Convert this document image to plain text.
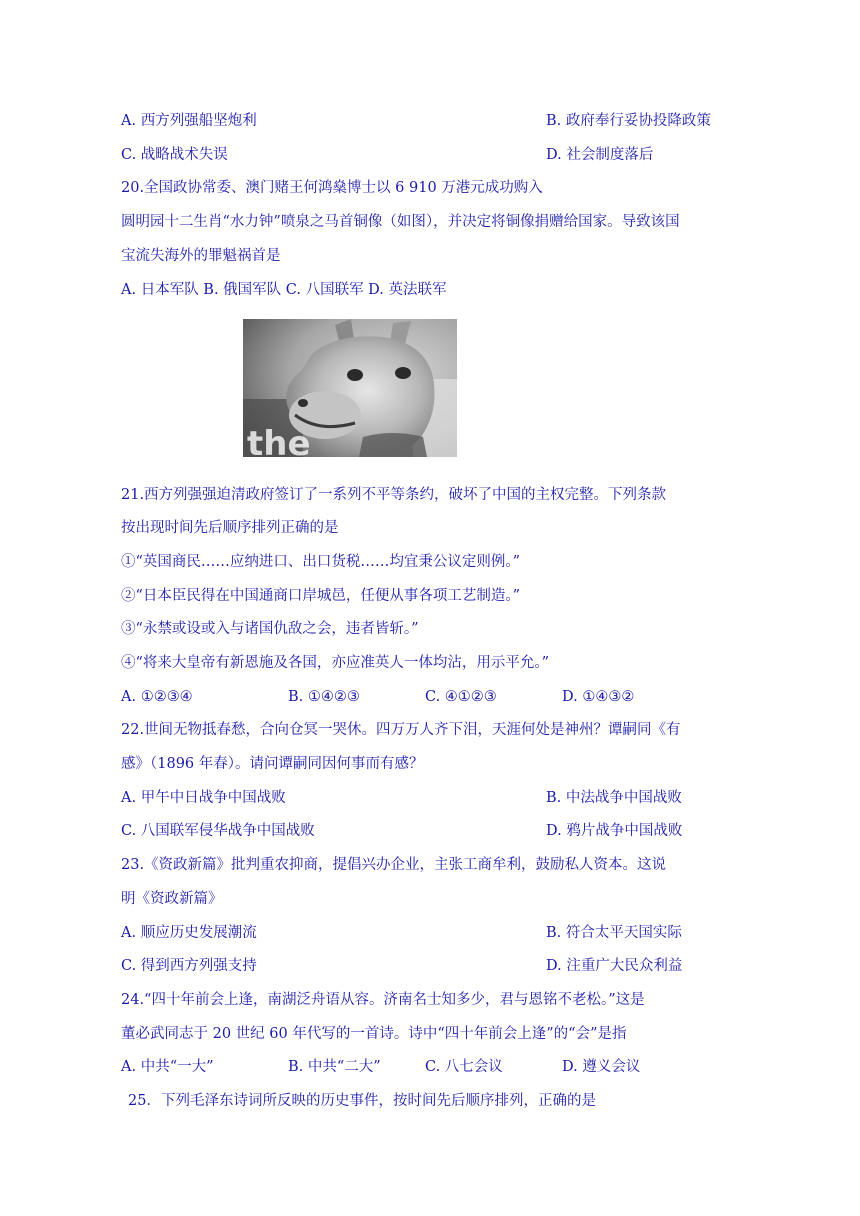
A. 西方列强船坚炮利	B. 政府奉行妥协投降政策
C. 战略战术失误	D. 社会制度落后
20.全国政协常委、澳门赌王何鸿燊博士以 6 910 万港元成功购入
圆明园十二生肖“水力钟”喷泉之马首铜像（如图），并决定将铜像捐赠给国家。导致该国
宝流失海外的罪魁祸首是
A. 日本军队 B. 俄国军队 C. 八国联军 D. 英法联军
the
21.西方列强强迫清政府签订了一系列不平等条约，破坏了中国的主权完整。下列条款
按出现时间先后顺序排列正确的是
①“英国商民……应纳进口、出口货税……均宜秉公议定则例。”
②“日本臣民得在中国通商口岸城邑，任便从事各项工艺制造。”
③“永禁或设或入与诸国仇敌之会，违者皆斩。”
④“将来大皇帝有新恩施及各国，亦应准英人一体均沾，用示平允。”
A. ①②③④	B. ①④②③	C. ④①②③	D. ①④③②
22.世间无物抵春愁，合向仓冥一哭休。四万万人齐下泪，天涯何处是神州？谭嗣同《有
感》（1896 年春）。请问谭嗣同因何事而有感？
A. 甲午中日战争中国战败	B. 中法战争中国战败
C. 八国联军侵华战争中国战败	D. 鸦片战争中国战败
23.《资政新篇》批判重农抑商，提倡兴办企业，主张工商牟利，鼓励私人资本。这说
明《资政新篇》
A. 顺应历史发展潮流	B. 符合太平天国实际
C. 得到西方列强支持	D. 注重广大民众利益
24.“四十年前会上逢，南湖泛舟语从容。济南名士知多少，君与恩铭不老松。”这是
董必武同志于 20 世纪 60 年代写的一首诗。诗中“四十年前会上逢”的“会”是指
A. 中共“一大”	B. 中共“二大”	C. 八七会议	D. 遵义会议
25．下列毛泽东诗词所反映的历史事件，按时间先后顺序排列，正确的是
